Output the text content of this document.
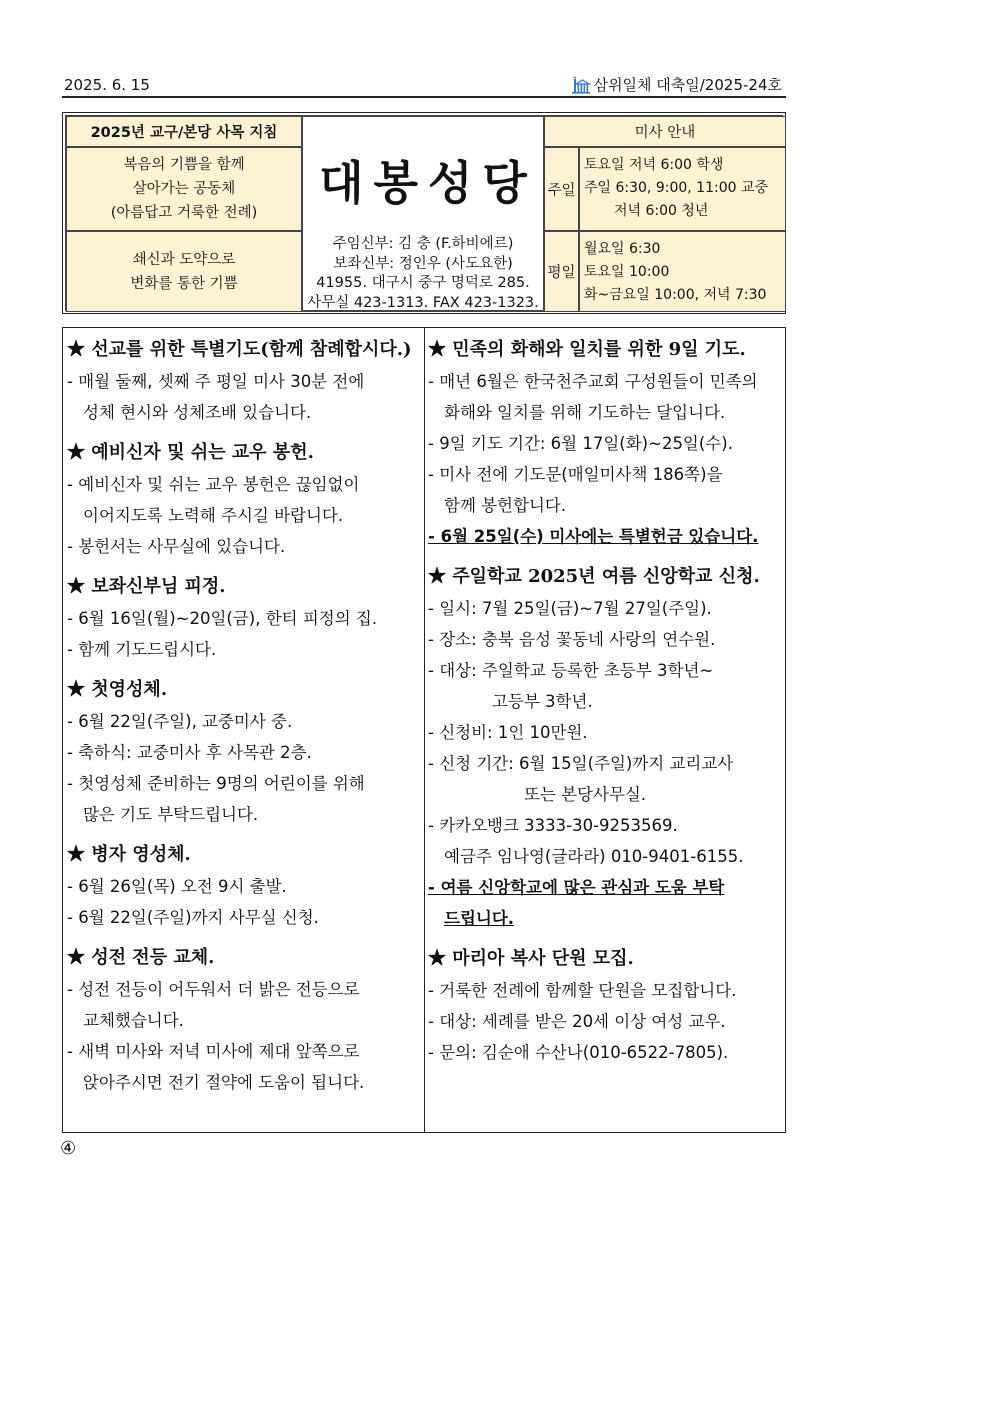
2025. 6. 15	삼위일체 대축일/2025-24호
2025년 교구/본당 사목 지침
복음의 기쁨을 함께
살아가는 공동체
(아름답고 거룩한 전례)
쇄신과 도약으로
변화를 통한 기쁨
대봉성당
주임신부: 김 충 (F.하비에르)
보좌신부: 정인우 (사도요한)
41955. 대구시 중구 명덕로 285.
사무실 423-1313. FAX 423-1323.
미사 안내
주일
토요일 저녁 6:00 학생
주일 6:30, 9:00, 11:00 교중
저녁 6:00 청년
평일
월요일 6:30
토요일 10:00
화~금요일 10:00, 저녁 7:30
★ 선교를 위한 특별기도(함께 참례합시다.)
- 매월 둘째, 셋째 주 평일 미사 30분 전에
성체 현시와 성체조배 있습니다.
★ 예비신자 및 쉬는 교우 봉헌.
- 예비신자 및 쉬는 교우 봉헌은 끊임없이
이어지도록 노력해 주시길 바랍니다.
- 봉헌서는 사무실에 있습니다.
★ 보좌신부님 피정.
- 6월 16일(월)~20일(금), 한티 피정의 집.
- 함께 기도드립시다.
★ 첫영성체.
- 6월 22일(주일), 교중미사 중.
- 축하식: 교중미사 후 사목관 2층.
- 첫영성체 준비하는 9명의 어린이를 위해
많은 기도 부탁드립니다.
★ 병자 영성체.
- 6월 26일(목) 오전 9시 출발.
- 6월 22일(주일)까지 사무실 신청.
★ 성전 전등 교체.
- 성전 전등이 어두워서 더 밝은 전등으로
교체했습니다.
- 새벽 미사와 저녁 미사에 제대 앞쪽으로
앉아주시면 전기 절약에 도움이 됩니다.
★ 민족의 화해와 일치를 위한 9일 기도.
- 매년 6월은 한국천주교회 구성원들이 민족의
화해와 일치를 위해 기도하는 달입니다.
- 9일 기도 기간: 6월 17일(화)~25일(수).
- 미사 전에 기도문(매일미사책 186쪽)을
함께 봉헌합니다.
- 6월 25일(수) 미사에는 특별헌금 있습니다.
★ 주일학교 2025년 여름 신앙학교 신청.
- 일시: 7월 25일(금)~7월 27일(주일).
- 장소: 충북 음성 꽃동네 사랑의 연수원.
- 대상: 주일학교 등록한 초등부 3학년~
고등부 3학년.
- 신청비: 1인 10만원.
- 신청 기간: 6월 15일(주일)까지 교리교사
또는 본당사무실.
- 카카오뱅크 3333-30-9253569.
예금주 임나영(글라라) 010-9401-6155.
- 여름 신앙학교에 많은 관심과 도움 부탁
드립니다.
★ 마리아 복사 단원 모집.
- 거룩한 전례에 함께할 단원을 모집합니다.
- 대상: 세례를 받은 20세 이상 여성 교우.
- 문의: 김순애 수산나(010-6522-7805).
④
